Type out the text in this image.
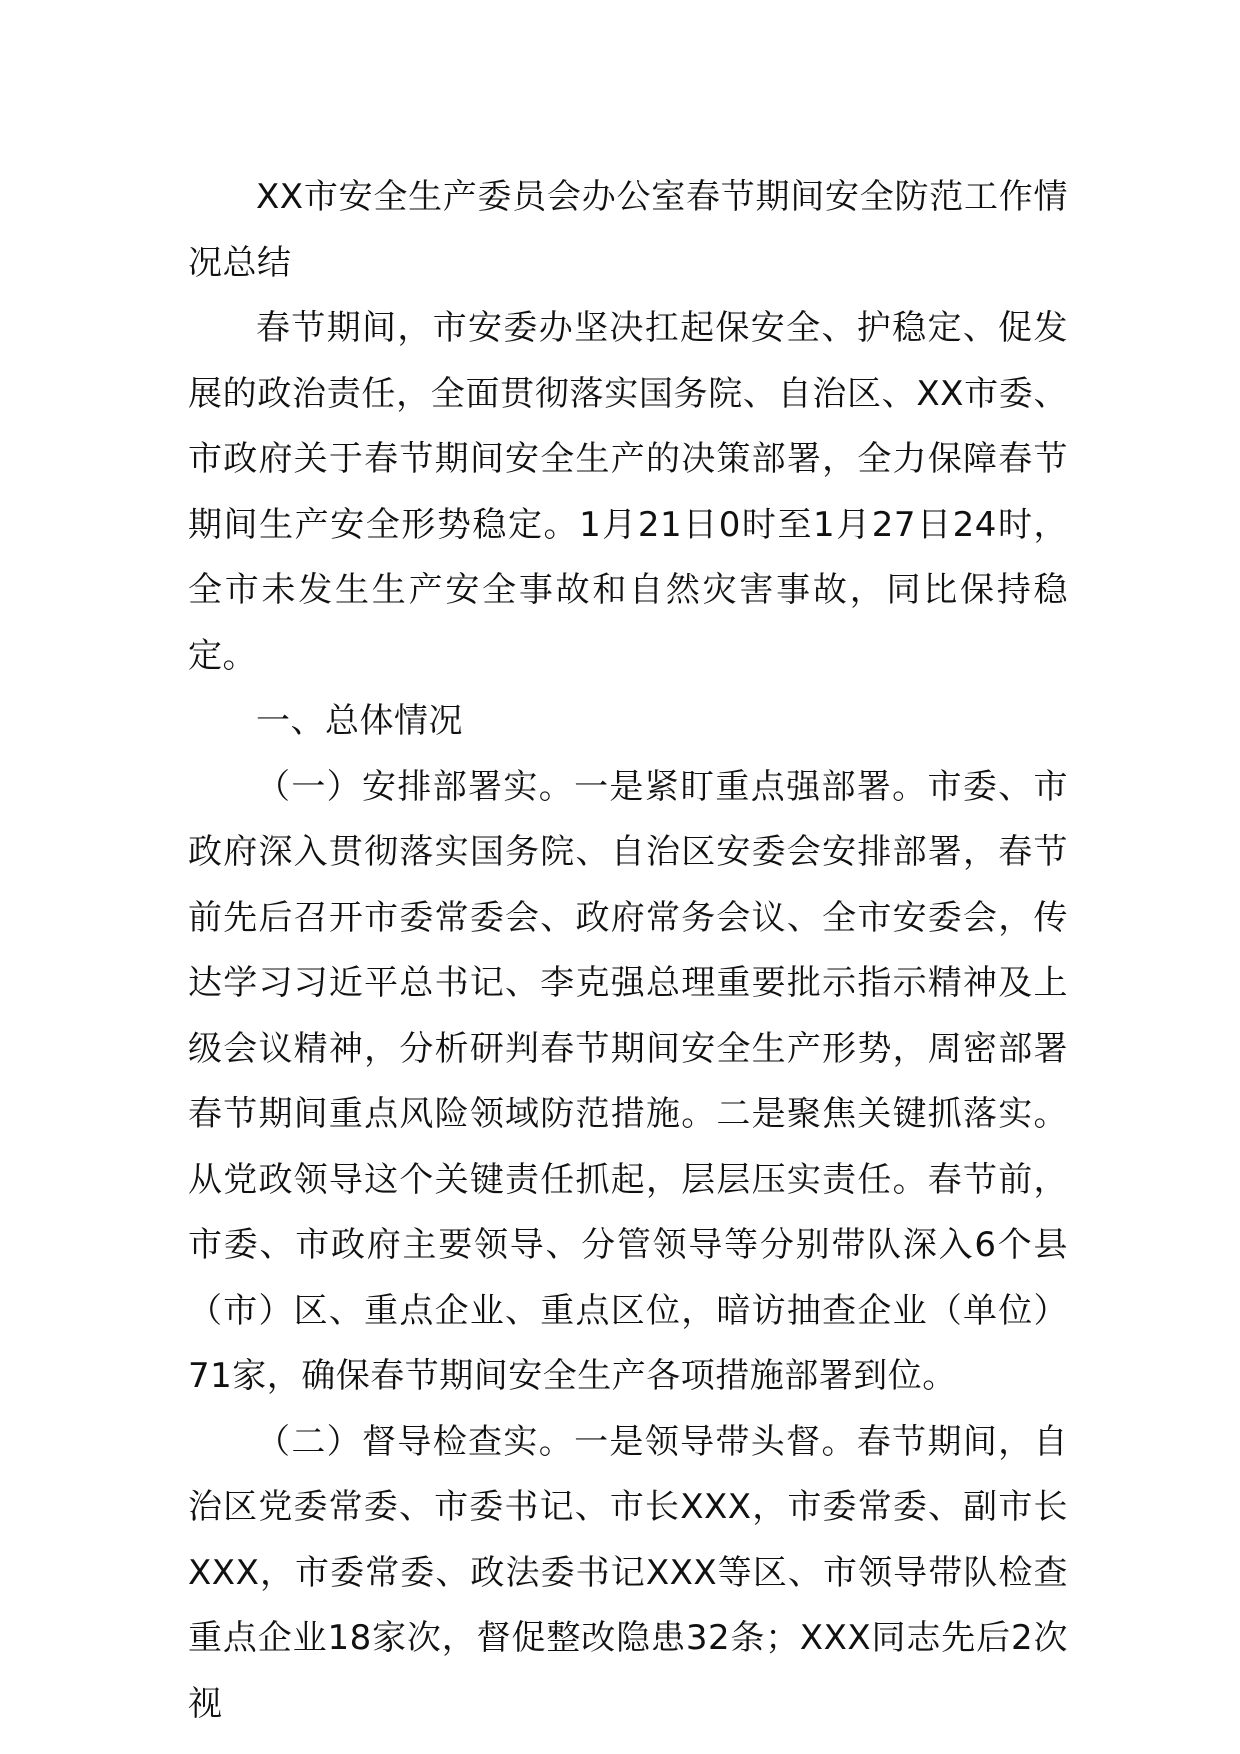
XX市安全生产委员会办公室春节期间安全防范工作情况总结

春节期间，市安委办坚决扛起保安全、护稳定、促发展的政治责任，全面贯彻落实国务院、自治区、XX市委、市政府关于春节期间安全生产的决策部署，全力保障春节期间生产安全形势稳定。1月21日0时至1月27日24时，全市未发生生产安全事故和自然灾害事故，同比保持稳定。

一、总体情况

（一）安排部署实。一是紧盯重点强部署。市委、市政府深入贯彻落实国务院、自治区安委会安排部署，春节前先后召开市委常委会、政府常务会议、全市安委会，传达学习习近平总书记、李克强总理重要批示指示精神及上级会议精神，分析研判春节期间安全生产形势，周密部署春节期间重点风险领域防范措施。二是聚焦关键抓落实。从党政领导这个关键责任抓起，层层压实责任。春节前，市委、市政府主要领导、分管领导等分别带队深入6个县（市）区、重点企业、重点区位，暗访抽查企业（单位）71家，确保春节期间安全生产各项措施部署到位。

（二）督导检查实。一是领导带头督。春节期间，自治区党委常委、市委书记、市长XXX，市委常委、副市长XXX，市委常委、政法委书记XXX等区、市领导带队检查重点企业18家次，督促整改隐患32条；XXX同志先后2次视
